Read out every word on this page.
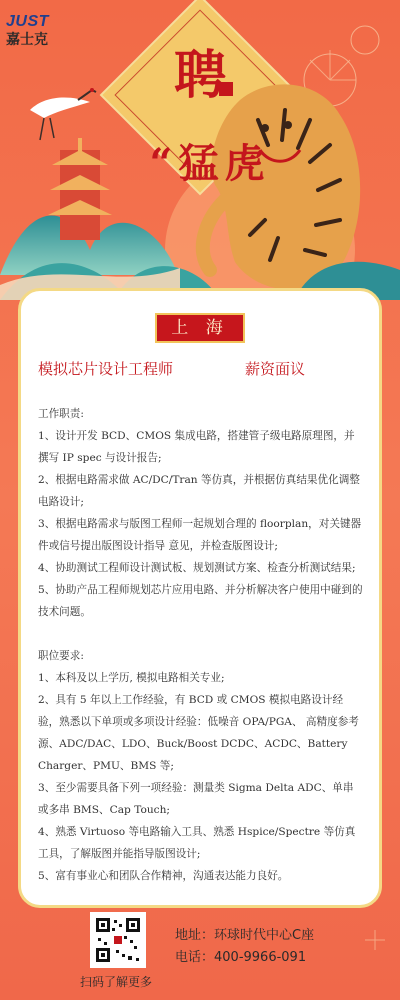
JUST
嘉士克
聘
“猛虎
上 海
模拟芯片设计工程师	薪资面议

工作职责:

1、设计开发 BCD、CMOS 集成电路，搭建管子级电路原理图，并撰写 IP spec 与设计报告;

2、根据电路需求做 AC/DC/Tran 等仿真，并根据仿真结果优化调整电路设计;

3、根据电路需求与版图工程师一起规划合理的 floorplan，对关键器件或信号提出版图设计指导 意见，并检查版图设计;

4、协助测试工程师设计测试板、规划测试方案、检查分析测试结果;

5、协助产品工程师规划芯片应用电路、并分析解决客户使用中碰到的技术问题。

职位要求:

1、本科及以上学历, 模拟电路相关专业;

2、具有 5 年以上工作经验，有 BCD 或 CMOS 模拟电路设计经验，熟悉以下单项或多项设计经验：低噪音 OPA/PGA、 高精度参考源、ADC/DAC、LDO、Buck/Boost DCDC、ACDC、Battery Charger、PMU、BMS 等;

3、至少需要具备下列一项经验：测量类 Sigma Delta ADC、单串或多串 BMS、Cap Touch;

4、熟悉 Virtuoso 等电路输入工具、熟悉 Hspice/Spectre 等仿真工具，了解版图并能指导版图设计;

5、富有事业心和团队合作精神，沟通表达能力良好。

扫码了解更多
地址：环球时代中心C座
电话：400-9966-091
